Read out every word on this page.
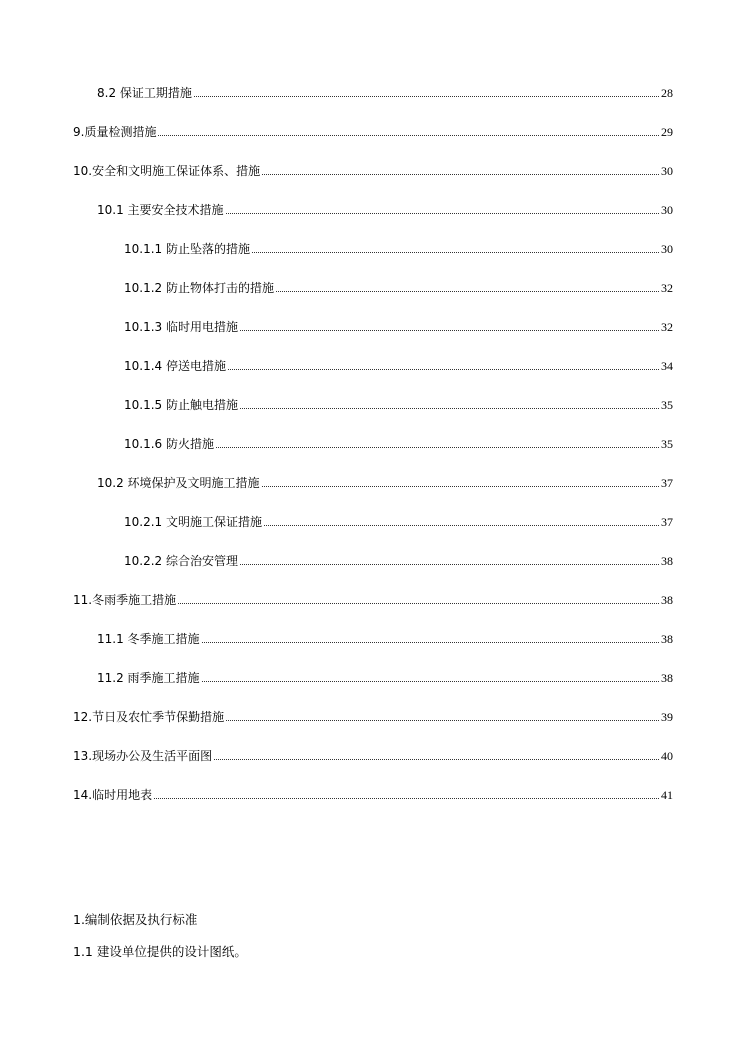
8.2 保证工期措施	28
9.质量检测措施	29
10.安全和文明施工保证体系、措施	30
10.1 主要安全技术措施	30
10.1.1 防止坠落的措施	30
10.1.2 防止物体打击的措施	32
10.1.3 临时用电措施	32
10.1.4 停送电措施	34
10.1.5 防止触电措施	35
10.1.6 防火措施	35
10.2 环境保护及文明施工措施	37
10.2.1 文明施工保证措施	37
10.2.2 综合治安管理	38
11.冬雨季施工措施	38
11.1 冬季施工措施	38
11.2 雨季施工措施	38
12.节日及农忙季节保勤措施	39
13.现场办公及生活平面图	40
14.临时用地表	41
1.编制依据及执行标准
1.1 建设单位提供的设计图纸。
